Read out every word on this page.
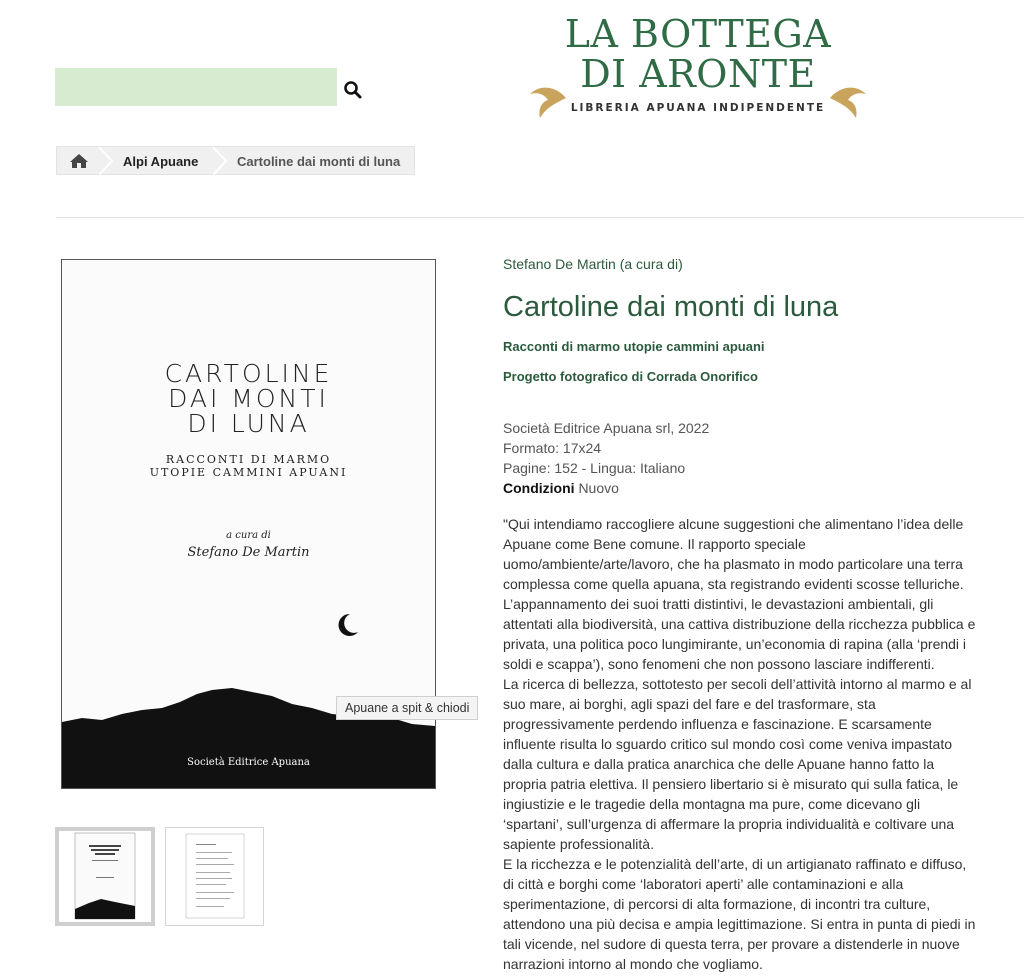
LA BOTTEGA
DI ARONTE
LIBRERIA APUANA INDIPENDENTE
Alpi Apuane	Cartoline dai monti di luna
CARTOLINE
DAI MONTI
DI LUNA
RACCONTI DI MARMO
UTOPIE CAMMINI APUANI
a cura di
Stefano De Martin
Società Editrice Apuana
Apuane a spit & chiodi
Stefano De Martin (a cura di)
Cartoline dai monti di luna
Racconti di marmo utopie cammini apuani
Progetto fotografico di Corrada Onorifico
Società Editrice Apuana srl, 2022
Formato: 17x24
Pagine: 152 - Lingua: Italiano
Condizioni Nuovo
"Qui intendiamo raccogliere alcune suggestioni che alimentano l’idea delle Apuane come Bene comune. Il rapporto speciale uomo/ambiente/arte/lavoro, che ha plasmato in modo particolare una terra complessa come quella apuana, sta registrando evidenti scosse telluriche. L’appannamento dei suoi tratti distintivi, le devastazioni ambientali, gli attentati alla biodiversità, una cattiva distribuzione della ricchezza pubblica e privata, una politica poco lungimirante, un’economia di rapina (alla ‘prendi i soldi e scappa’), sono fenomeni che non possono lasciare indifferenti.
La ricerca di bellezza, sottotesto per secoli dell’attività intorno al marmo e al suo mare, ai borghi, agli spazi del fare e del trasformare, sta progressivamente perdendo influenza e fascinazione. E scarsamente influente risulta lo sguardo critico sul mondo così come veniva impastato dalla cultura e dalla pratica anarchica che delle Apuane hanno fatto la propria patria elettiva. Il pensiero libertario si è misurato qui sulla fatica, le ingiustizie e le tragedie della montagna ma pure, come dicevano gli ‘spartani’, sull’urgenza di affermare la propria individualità e coltivare una sapiente professionalità.
E la ricchezza e le potenzialità dell’arte, di un artigianato raffinato e diffuso, di città e borghi come ‘laboratori aperti’ alle contaminazioni e alla sperimentazione, di percorsi di alta formazione, di incontri tra culture, attendono una più decisa e ampia legittimazione. Si entra in punta di piedi in tali vicende, nel sudore di questa terra, per provare a distenderle in nuove narrazioni intorno al mondo che vogliamo.
